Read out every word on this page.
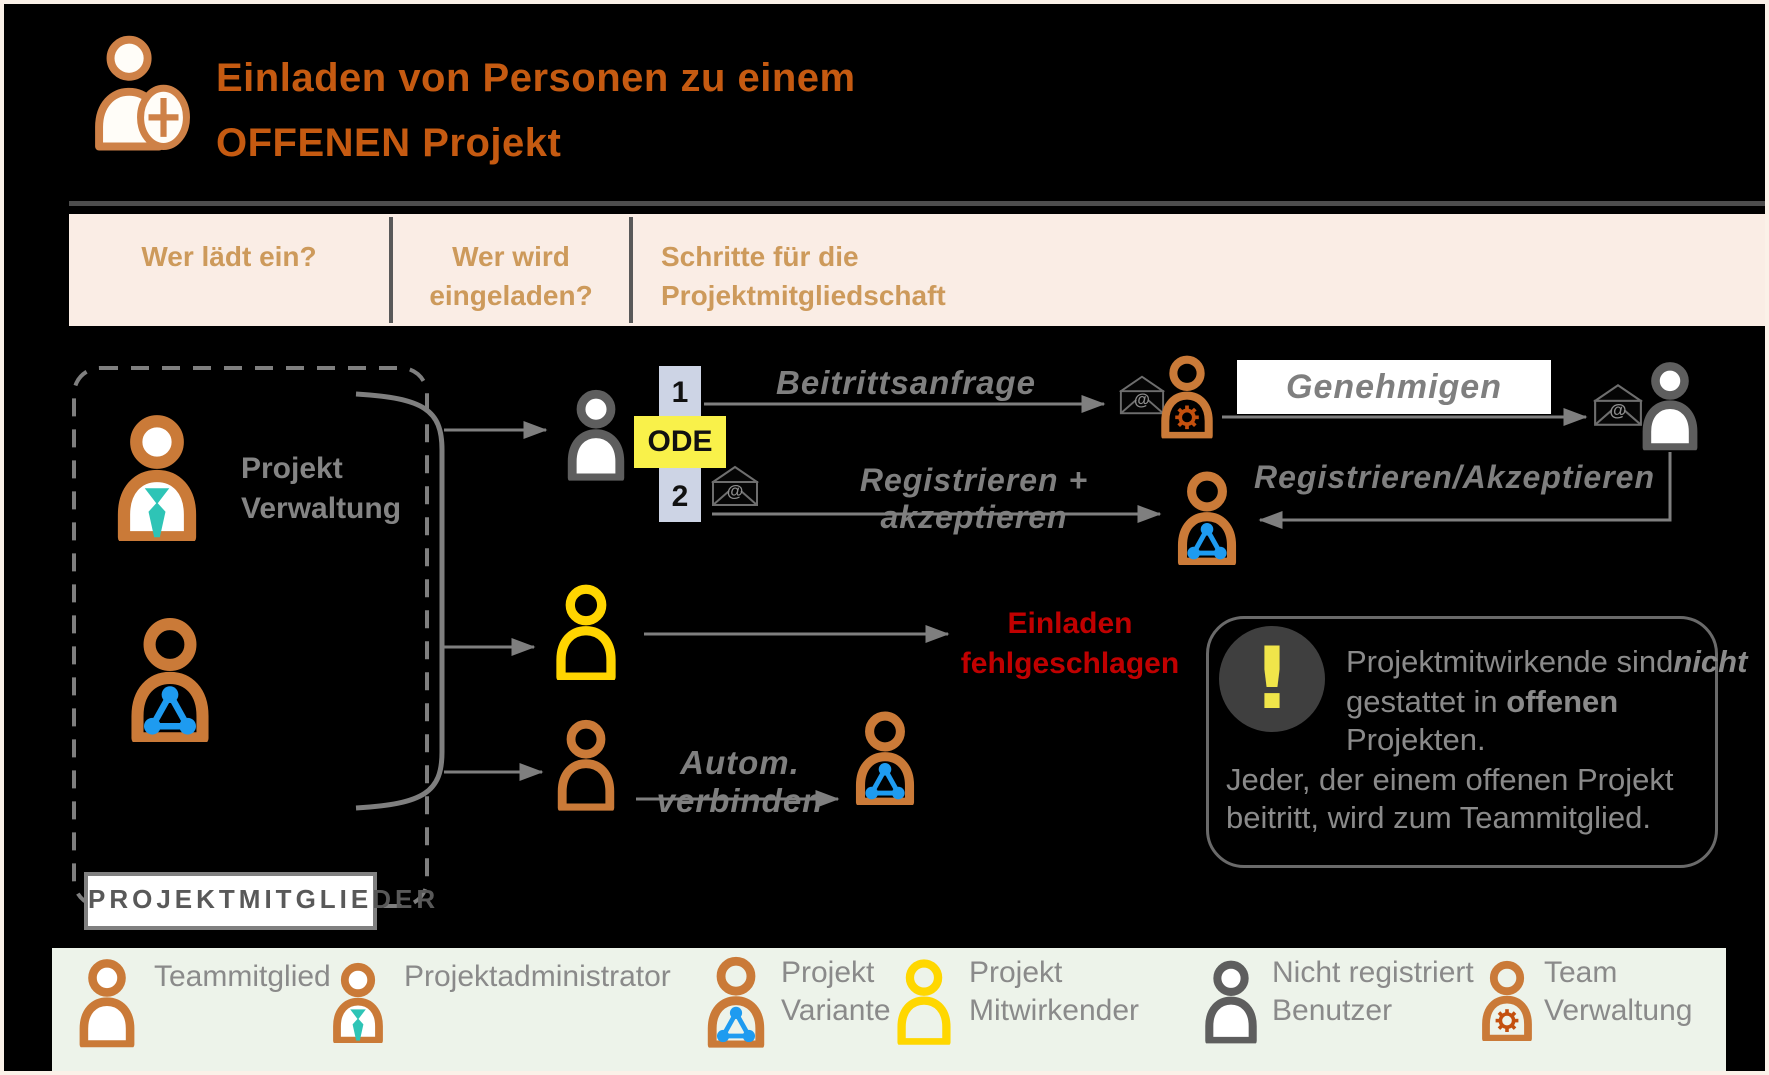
Einladen von Personen zu einem
OFFENEN Projekt
Wer lädt ein?	Wer wird
eingeladen?
Schritte für die
Projektmitgliedschaft
Projekt
Verwaltung
PROJEKTMITGLIEDER
1
2
ODE
Beitrittsanfrage	Genehmigen
Registrieren + akzeptieren
Registrieren/Akzeptieren
Einladen
fehlgeschlagen
Autom. verbinden
!	Projektmitwirkende sindnicht
gestattet in offenen
Projekten.
Jeder, der einem offenen Projekt
beitritt, wird zum Teammitglied.
Teammitglied Projektadministrator	Projekt
Variante
Projekt
Mitwirkender
Nicht registriert
Benutzer
Team
Verwaltung
